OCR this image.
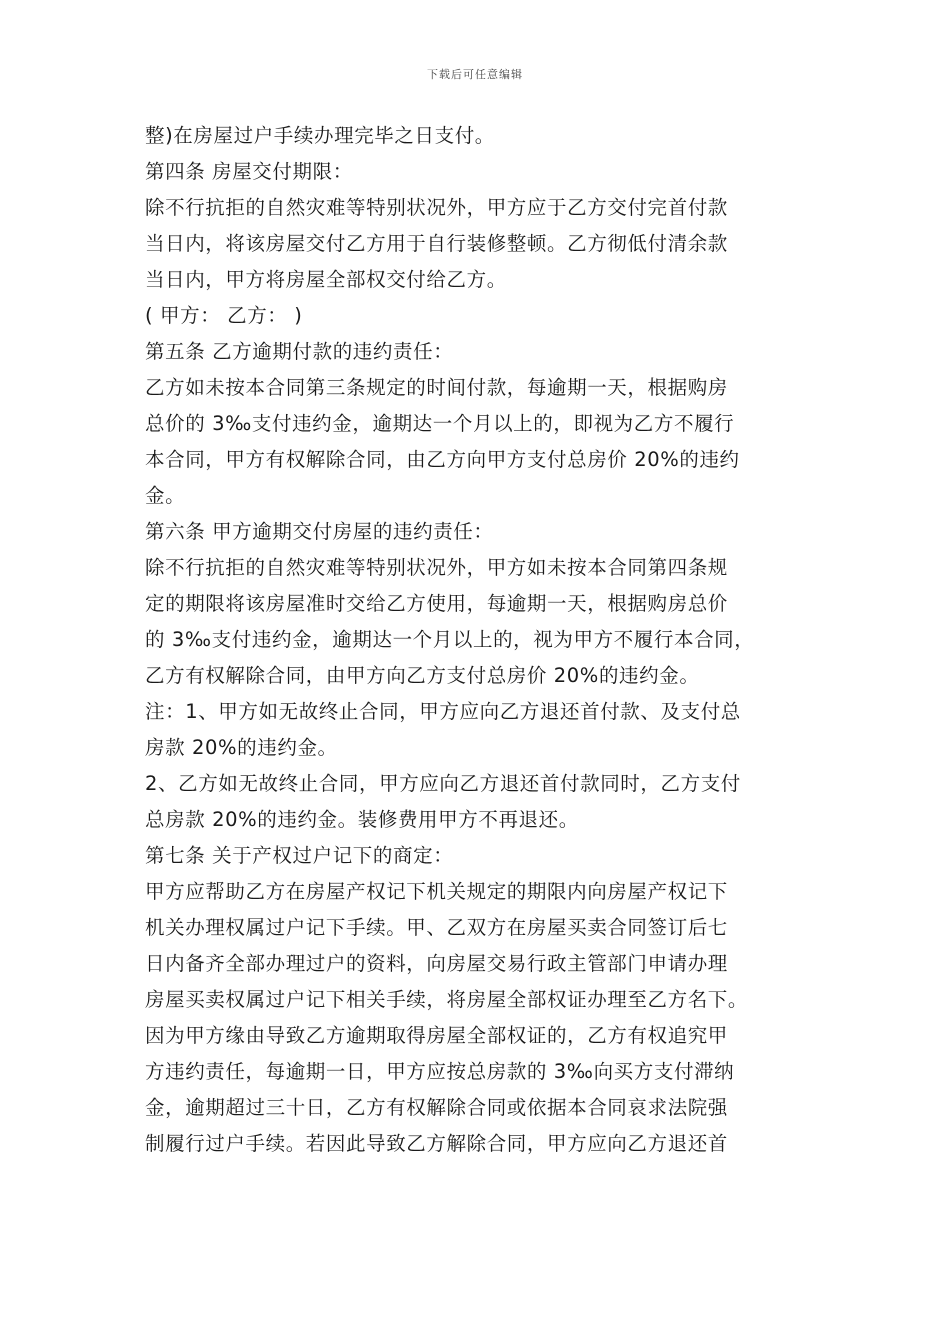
下载后可任意编辑
整)在房屋过户手续办理完毕之日支付。
第四条 房屋交付期限：
除不行抗拒的自然灾难等特别状况外，甲方应于乙方交付完首付款
当日内，将该房屋交付乙方用于自行装修整顿。乙方彻低付清余款
当日内，甲方将房屋全部权交付给乙方。
( 甲方： 乙方： )
第五条 乙方逾期付款的违约责任：
乙方如未按本合同第三条规定的时间付款，每逾期一天，根据购房
总价的 3‰支付违约金，逾期达一个月以上的，即视为乙方不履行
本合同，甲方有权解除合同，由乙方向甲方支付总房价 20%的违约
金。
第六条 甲方逾期交付房屋的违约责任：
除不行抗拒的自然灾难等特别状况外，甲方如未按本合同第四条规
定的期限将该房屋准时交给乙方使用，每逾期一天，根据购房总价
的 3‰支付违约金，逾期达一个月以上的，视为甲方不履行本合同，
乙方有权解除合同，由甲方向乙方支付总房价 20%的违约金。
注：1、甲方如无故终止合同，甲方应向乙方退还首付款、及支付总
房款 20%的违约金。
2、乙方如无故终止合同，甲方应向乙方退还首付款同时，乙方支付
总房款 20%的违约金。装修费用甲方不再退还。
第七条 关于产权过户记下的商定：
甲方应帮助乙方在房屋产权记下机关规定的期限内向房屋产权记下
机关办理权属过户记下手续。甲、乙双方在房屋买卖合同签订后七
日内备齐全部办理过户的资料，向房屋交易行政主管部门申请办理
房屋买卖权属过户记下相关手续，将房屋全部权证办理至乙方名下。
因为甲方缘由导致乙方逾期取得房屋全部权证的，乙方有权追究甲
方违约责任，每逾期一日，甲方应按总房款的 3‰向买方支付滞纳
金，逾期超过三十日，乙方有权解除合同或依据本合同哀求法院强
制履行过户手续。若因此导致乙方解除合同，甲方应向乙方退还首
